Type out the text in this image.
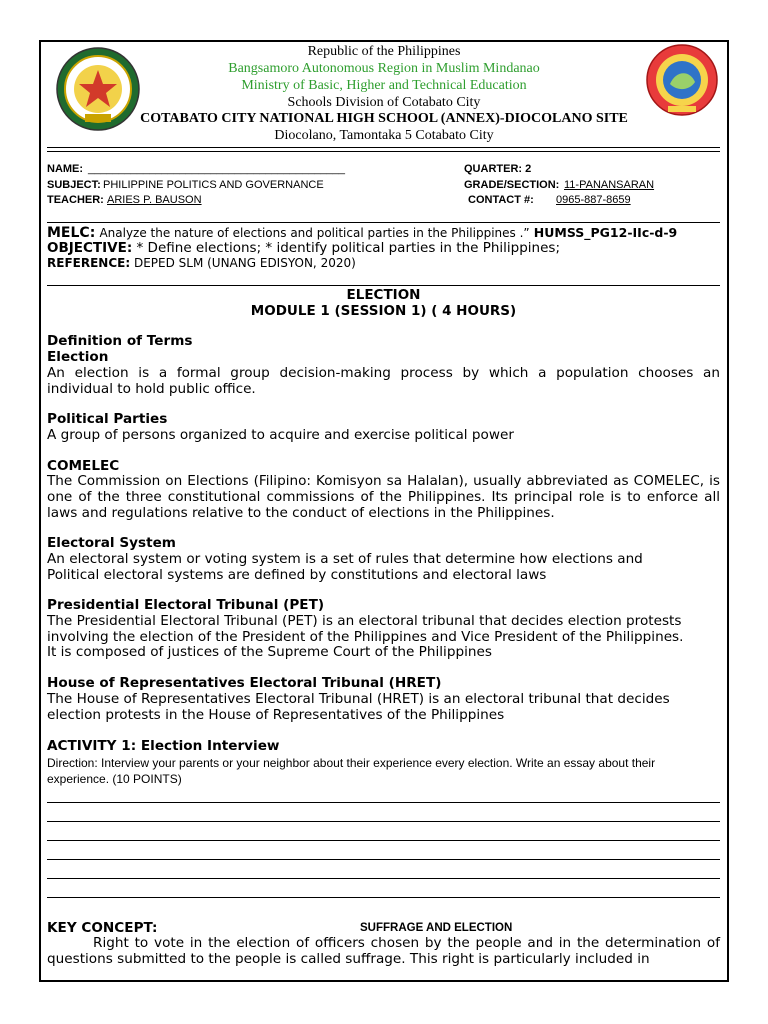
Republic of the Philippines
Bangsamoro Autonomous Region in Muslim Mindanao
Ministry of Basic, Higher and Technical Education
Schools Division of Cotabato City
COTABATO CITY NATIONAL HIGH SCHOOL (ANNEX)-DIOCOLANO SITE
Diocolano, Tamontaka 5 Cotabato City
NAME: __________________________________________	QUARTER: 2
SUBJECT: PHILIPPINE POLITICS AND GOVERNANCE	GRADE/SECTION: 11-PANANSARAN
TEACHER: ARIES P. BAUSON	CONTACT #: 0965-887-8659
MELC: Analyze the nature of elections and political parties in the Philippines .” HUMSS_PG12-IIc-d-9
OBJECTIVE: * Define elections; * identify political parties in the Philippines;
REFERENCE: DEPED SLM (UNANG EDISYON, 2020)
ELECTION
MODULE 1 (SESSION 1) ( 4 HOURS)
Definition of Terms
Election
An election is a formal group decision-making process by which a population chooses an individual to hold public office.
Political Parties
A group of persons organized to acquire and exercise political power
COMELEC
The Commission on Elections (Filipino: Komisyon sa Halalan), usually abbreviated as COMELEC, is one of the three constitutional commissions of the Philippines. Its principal role is to enforce all laws and regulations relative to the conduct of elections in the Philippines.
Electoral System
An electoral system or voting system is a set of rules that determine how elections and
Political electoral systems are defined by constitutions and electoral laws
Presidential Electoral Tribunal (PET)
The Presidential Electoral Tribunal (PET) is an electoral tribunal that decides election protests
involving the election of the President of the Philippines and Vice President of the Philippines.
It is composed of justices of the Supreme Court of the Philippines
House of Representatives Electoral Tribunal (HRET)
The House of Representatives Electoral Tribunal (HRET) is an electoral tribunal that decides
election protests in the House of Representatives of the Philippines
ACTIVITY 1: Election Interview
Direction: Interview your parents or your neighbor about their experience every election. Write an essay about their experience. (10 POINTS)
KEY CONCEPT:	SUFFRAGE AND ELECTION
Right to vote in the election of officers chosen by the people and in the determination of questions submitted to the people is called suffrage. This right is particularly included in
